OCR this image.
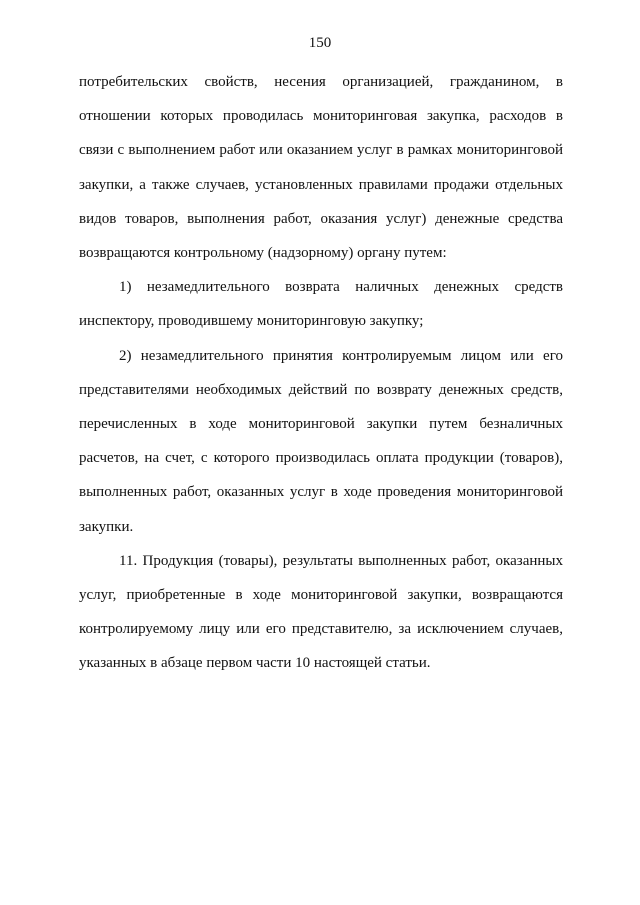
150

потребительских свойств, несения организацией, гражданином, в отношении которых проводилась мониторинговая закупка, расходов в связи с выполнением работ или оказанием услуг в рамках мониторинговой закупки, а также случаев, установленных правилами продажи отдельных видов товаров, выполнения работ, оказания услуг) денежные средства возвращаются контрольному (надзорному) органу путем:

1) незамедлительного возврата наличных денежных средств инспектору, проводившему мониторинговую закупку;

2) незамедлительного принятия контролируемым лицом или его представителями необходимых действий по возврату денежных средств, перечисленных в ходе мониторинговой закупки путем безналичных расчетов, на счет, с которого производилась оплата продукции (товаров), выполненных работ, оказанных услуг в ходе проведения мониторинговой закупки.

11. Продукция (товары), результаты выполненных работ, оказанных услуг, приобретенные в ходе мониторинговой закупки, возвращаются контролируемому лицу или его представителю, за исключением случаев, указанных в абзаце первом части 10 настоящей статьи.
